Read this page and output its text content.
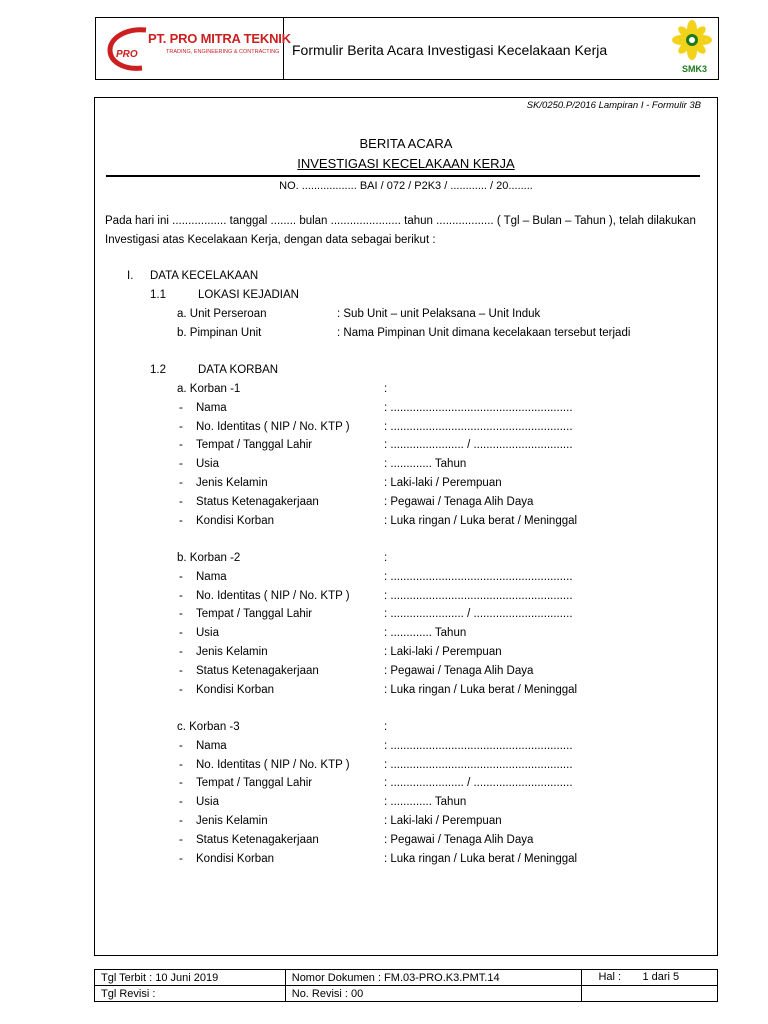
PRO
PT. PRO MITRA TEKNIK
TRADING, ENGINEERING & CONTRACTING Formulir Berita Acara Investigasi Kecelakaan Kerja
SMK3
SK/0250.P/2016 Lampiran I - Formulir 3B
BERITA ACARA
INVESTIGASI KECELAKAAN KERJA
NO. .................. BAI / 072 / P2K3 / ............ / 20........
Pada hari ini ................. tanggal ........ bulan ...................... tahun .................. ( Tgl – Bulan – Tahun ), telah dilakukan Investigasi atas Kecelakaan Kerja, dengan data sebagai berikut :
I. DATA KECELAKAAN
1.1	LOKASI KEJADIAN
a. Unit Perseroan	: Sub Unit – unit Pelaksana – Unit Induk
b. Pimpinan Unit	: Nama Pimpinan Unit dimana kecelakaan tersebut terjadi
1.2	DATA KORBAN
a. Korban -1	:
- Nama	: .........................................................
- No. Identitas ( NIP / No. KTP )	: .........................................................
- Tempat / Tanggal Lahir	: ....................... / ...............................
- Usia	: ............. Tahun
- Jenis Kelamin	: Laki-laki / Perempuan
- Status Ketenagakerjaan	: Pegawai / Tenaga Alih Daya
- Kondisi Korban	: Luka ringan / Luka berat / Meninggal
b. Korban -2	:
- Nama	: .........................................................
- No. Identitas ( NIP / No. KTP )	: .........................................................
- Tempat / Tanggal Lahir	: ....................... / ...............................
- Usia	: ............. Tahun
- Jenis Kelamin	: Laki-laki / Perempuan
- Status Ketenagakerjaan	: Pegawai / Tenaga Alih Daya
- Kondisi Korban	: Luka ringan / Luka berat / Meninggal
c. Korban -3	:
- Nama	: .........................................................
- No. Identitas ( NIP / No. KTP )	: .........................................................
- Tempat / Tanggal Lahir	: ....................... / ...............................
- Usia	: ............. Tahun
- Jenis Kelamin	: Laki-laki / Perempuan
- Status Ketenagakerjaan	: Pegawai / Tenaga Alih Daya
- Kondisi Korban	: Luka ringan / Luka berat / Meninggal
Tgl Terbit : 10 Juni 2019	Nomor Dokumen : FM.03-PRO.K3.PMT.14	Hal : 1 dari 5

Tgl Revisi :	No. Revisi : 00	
